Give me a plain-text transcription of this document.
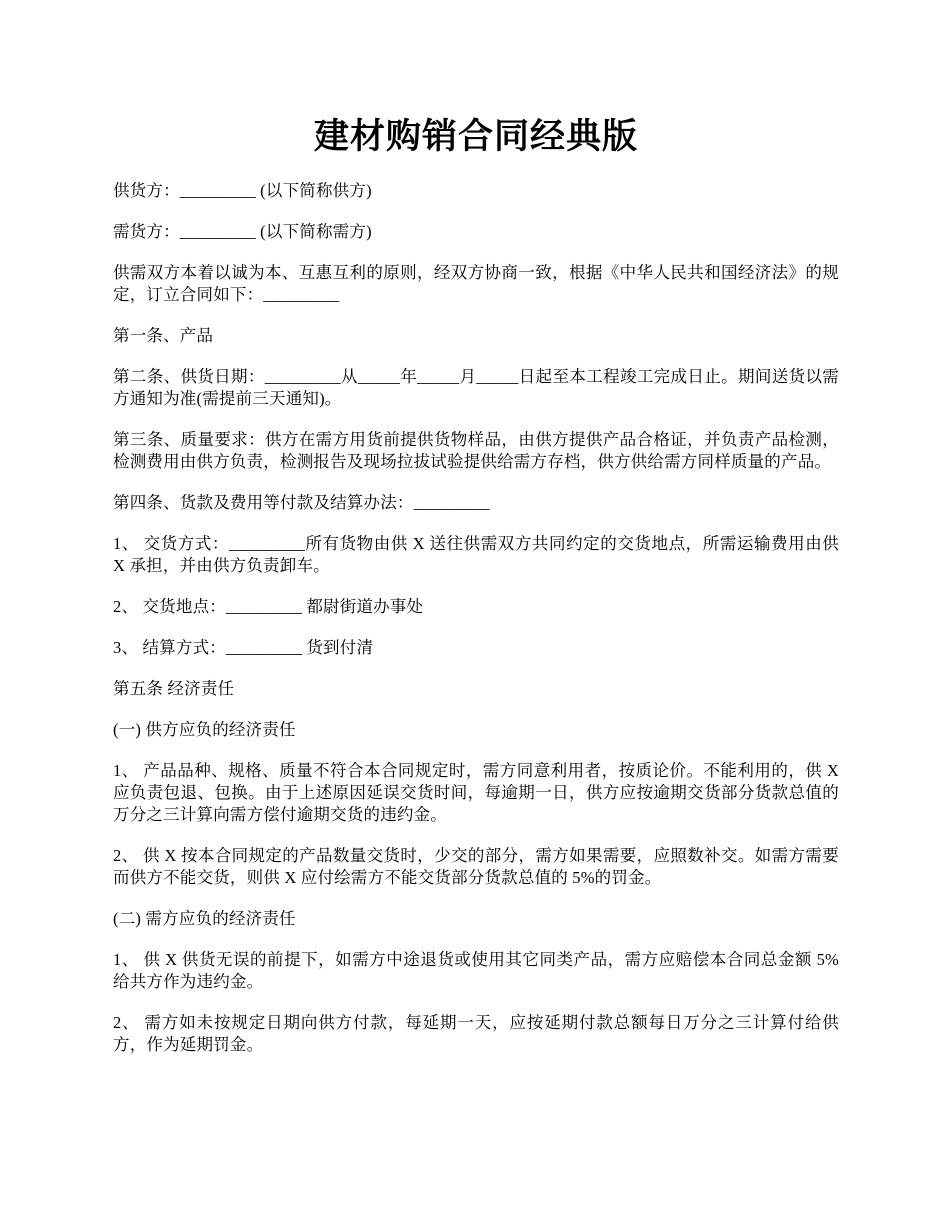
建材购销合同经典版

供货方：_________ (以下简称供方)

需货方：_________ (以下简称需方)

供需双方本着以诚为本、互惠互利的原则，经双方协商一致，根据《中华人民共和国经济法》的规定，订立合同如下：_________

第一条、产品

第二条、供货日期：_________从_____年_____月_____日起至本工程竣工完成日止。期间送货以需方通知为准(需提前三天通知)。

第三条、质量要求：供方在需方用货前提供货物样品，由供方提供产品合格证，并负责产品检测，检测费用由供方负责，检测报告及现场拉拔试验提供给需方存档，供方供给需方同样质量的产品。

第四条、货款及费用等付款及结算办法：_________

1、 交货方式：_________所有货物由供 X 送往供需双方共同约定的交货地点，所需运输费用由供 X 承担，并由供方负责卸车。

2、 交货地点：_________ 都尉街道办事处

3、 结算方式：_________ 货到付清

第五条 经济责任

(一) 供方应负的经济责任

1、 产品品种、规格、质量不符合本合同规定时，需方同意利用者，按质论价。不能利用的，供 X 应负责包退、包换。由于上述原因延误交货时间，每逾期一日，供方应按逾期交货部分货款总值的万分之三计算向需方偿付逾期交货的违约金。

2、 供 X 按本合同规定的产品数量交货时，少交的部分，需方如果需要，应照数补交。如需方需要而供方不能交货，则供 X 应付绘需方不能交货部分货款总值的 5%的罚金。

(二) 需方应负的经济责任

1、 供 X 供货无误的前提下，如需方中途退货或使用其它同类产品，需方应赔偿本合同总金额 5%给共方作为违约金。

2、 需方如未按规定日期向供方付款，每延期一天，应按延期付款总额每日万分之三计算付给供方，作为延期罚金。
